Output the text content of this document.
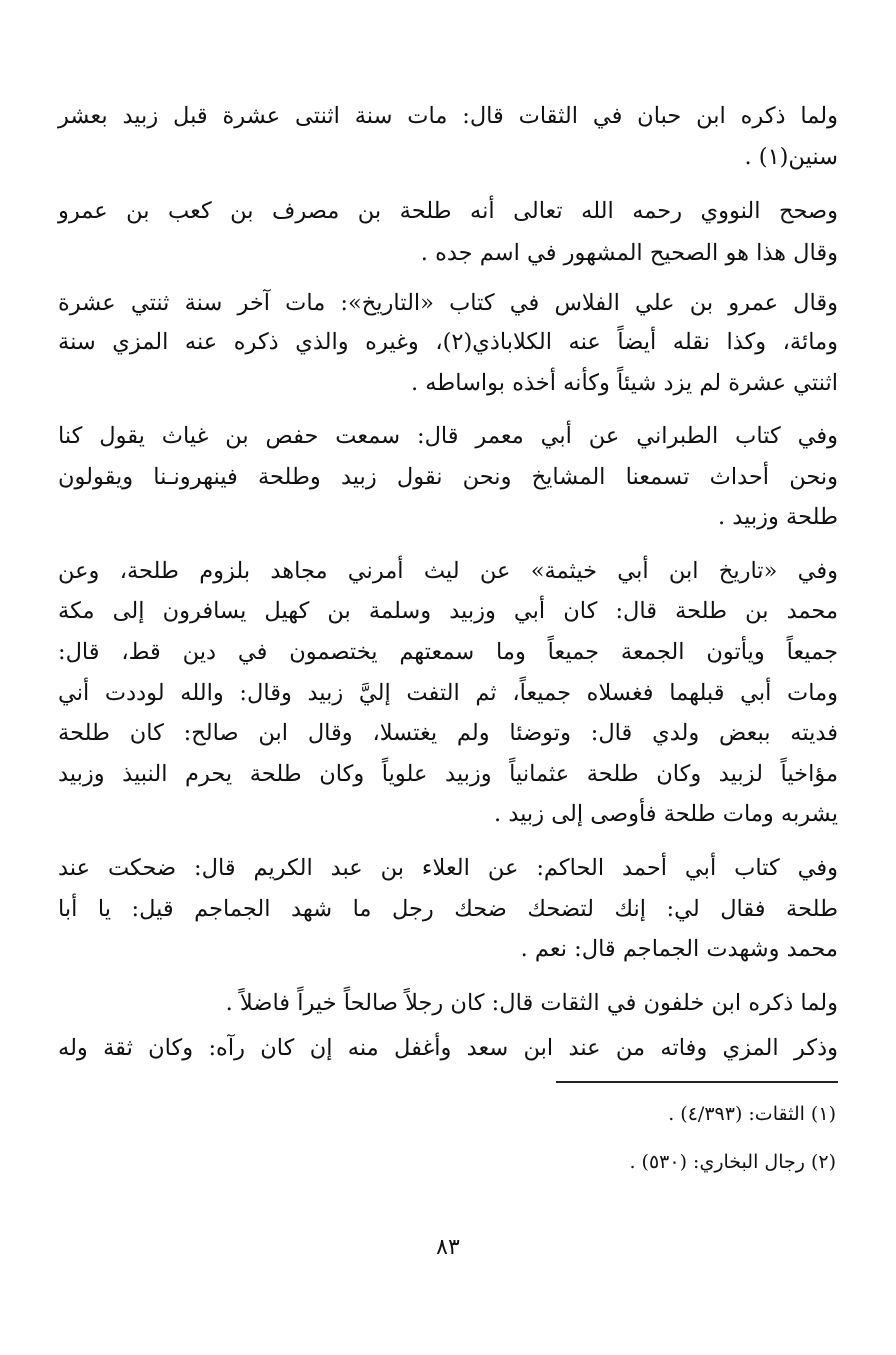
ولما ذكره ابن حبان في الثقات قال: مات سنة اثنتى عشرة قبل زبيد بعشر
سنين(١) .
وصحح النووي رحمه الله تعالى أنه طلحة بن مصرف بن كعب بن عمرو
وقال هذا هو الصحيح المشهور في اسم جده .
وقال عمرو بن علي الفلاس في كتاب «التاريخ»: مات آخر سنة ثنتي عشرة
ومائة، وكذا نقله أيضاً عنه الكلاباذي(٢)، وغيره والذي ذكره عنه المزي سنة
اثنتي عشرة لم يزد شيئاً وكأنه أخذه بواساطه .
وفي كتاب الطبراني عن أبي معمر قال: سمعت حفص بن غياث يقول كنا
ونحن أحداث تسمعنا المشايخ ونحن نقول زبيد وطلحة فينهرونـنا ويقولون
طلحة وزبيد .
وفي «تاريخ ابن أبي خيثمة» عن ليث أمرني مجاهد بلزوم طلحة، وعن
محمد بن طلحة قال: كان أبي وزبيد وسلمة بن كهيل يسافرون إلى مكة
جميعاً ويأتون الجمعة جميعاً وما سمعتهم يختصمون في دين قط، قال:
ومات أبي قبلهما فغسلاه جميعاً، ثم التفت إليَّ زبيد وقال: والله لوددت أني
فديته ببعض ولدي قال: وتوضئا ولم يغتسلا، وقال ابن صالح: كان طلحة
مؤاخياً لزبيد وكان طلحة عثمانياً وزبيد علوياً وكان طلحة يحرم النبيذ وزبيد
يشربه ومات طلحة فأوصى إلى زبيد .
وفي كتاب أبي أحمد الحاكم: عن العلاء بن عبد الكريم قال: ضحكت عند
طلحة فقال لي: إنك لتضحك ضحك رجل ما شهد الجماجم قيل: يا أبا
محمد وشهدت الجماجم قال: نعم .
ولما ذكره ابن خلفون في الثقات قال: كان رجلاً صالحاً خيراً فاضلاً .
وذكر المزي وفاته من عند ابن سعد وأغفل منه إن كان رآه: وكان ثقة وله
(١) الثقات: (٤/٣٩٣) .
(٢) رجال البخاري: (٥٣٠) .
٨٣
